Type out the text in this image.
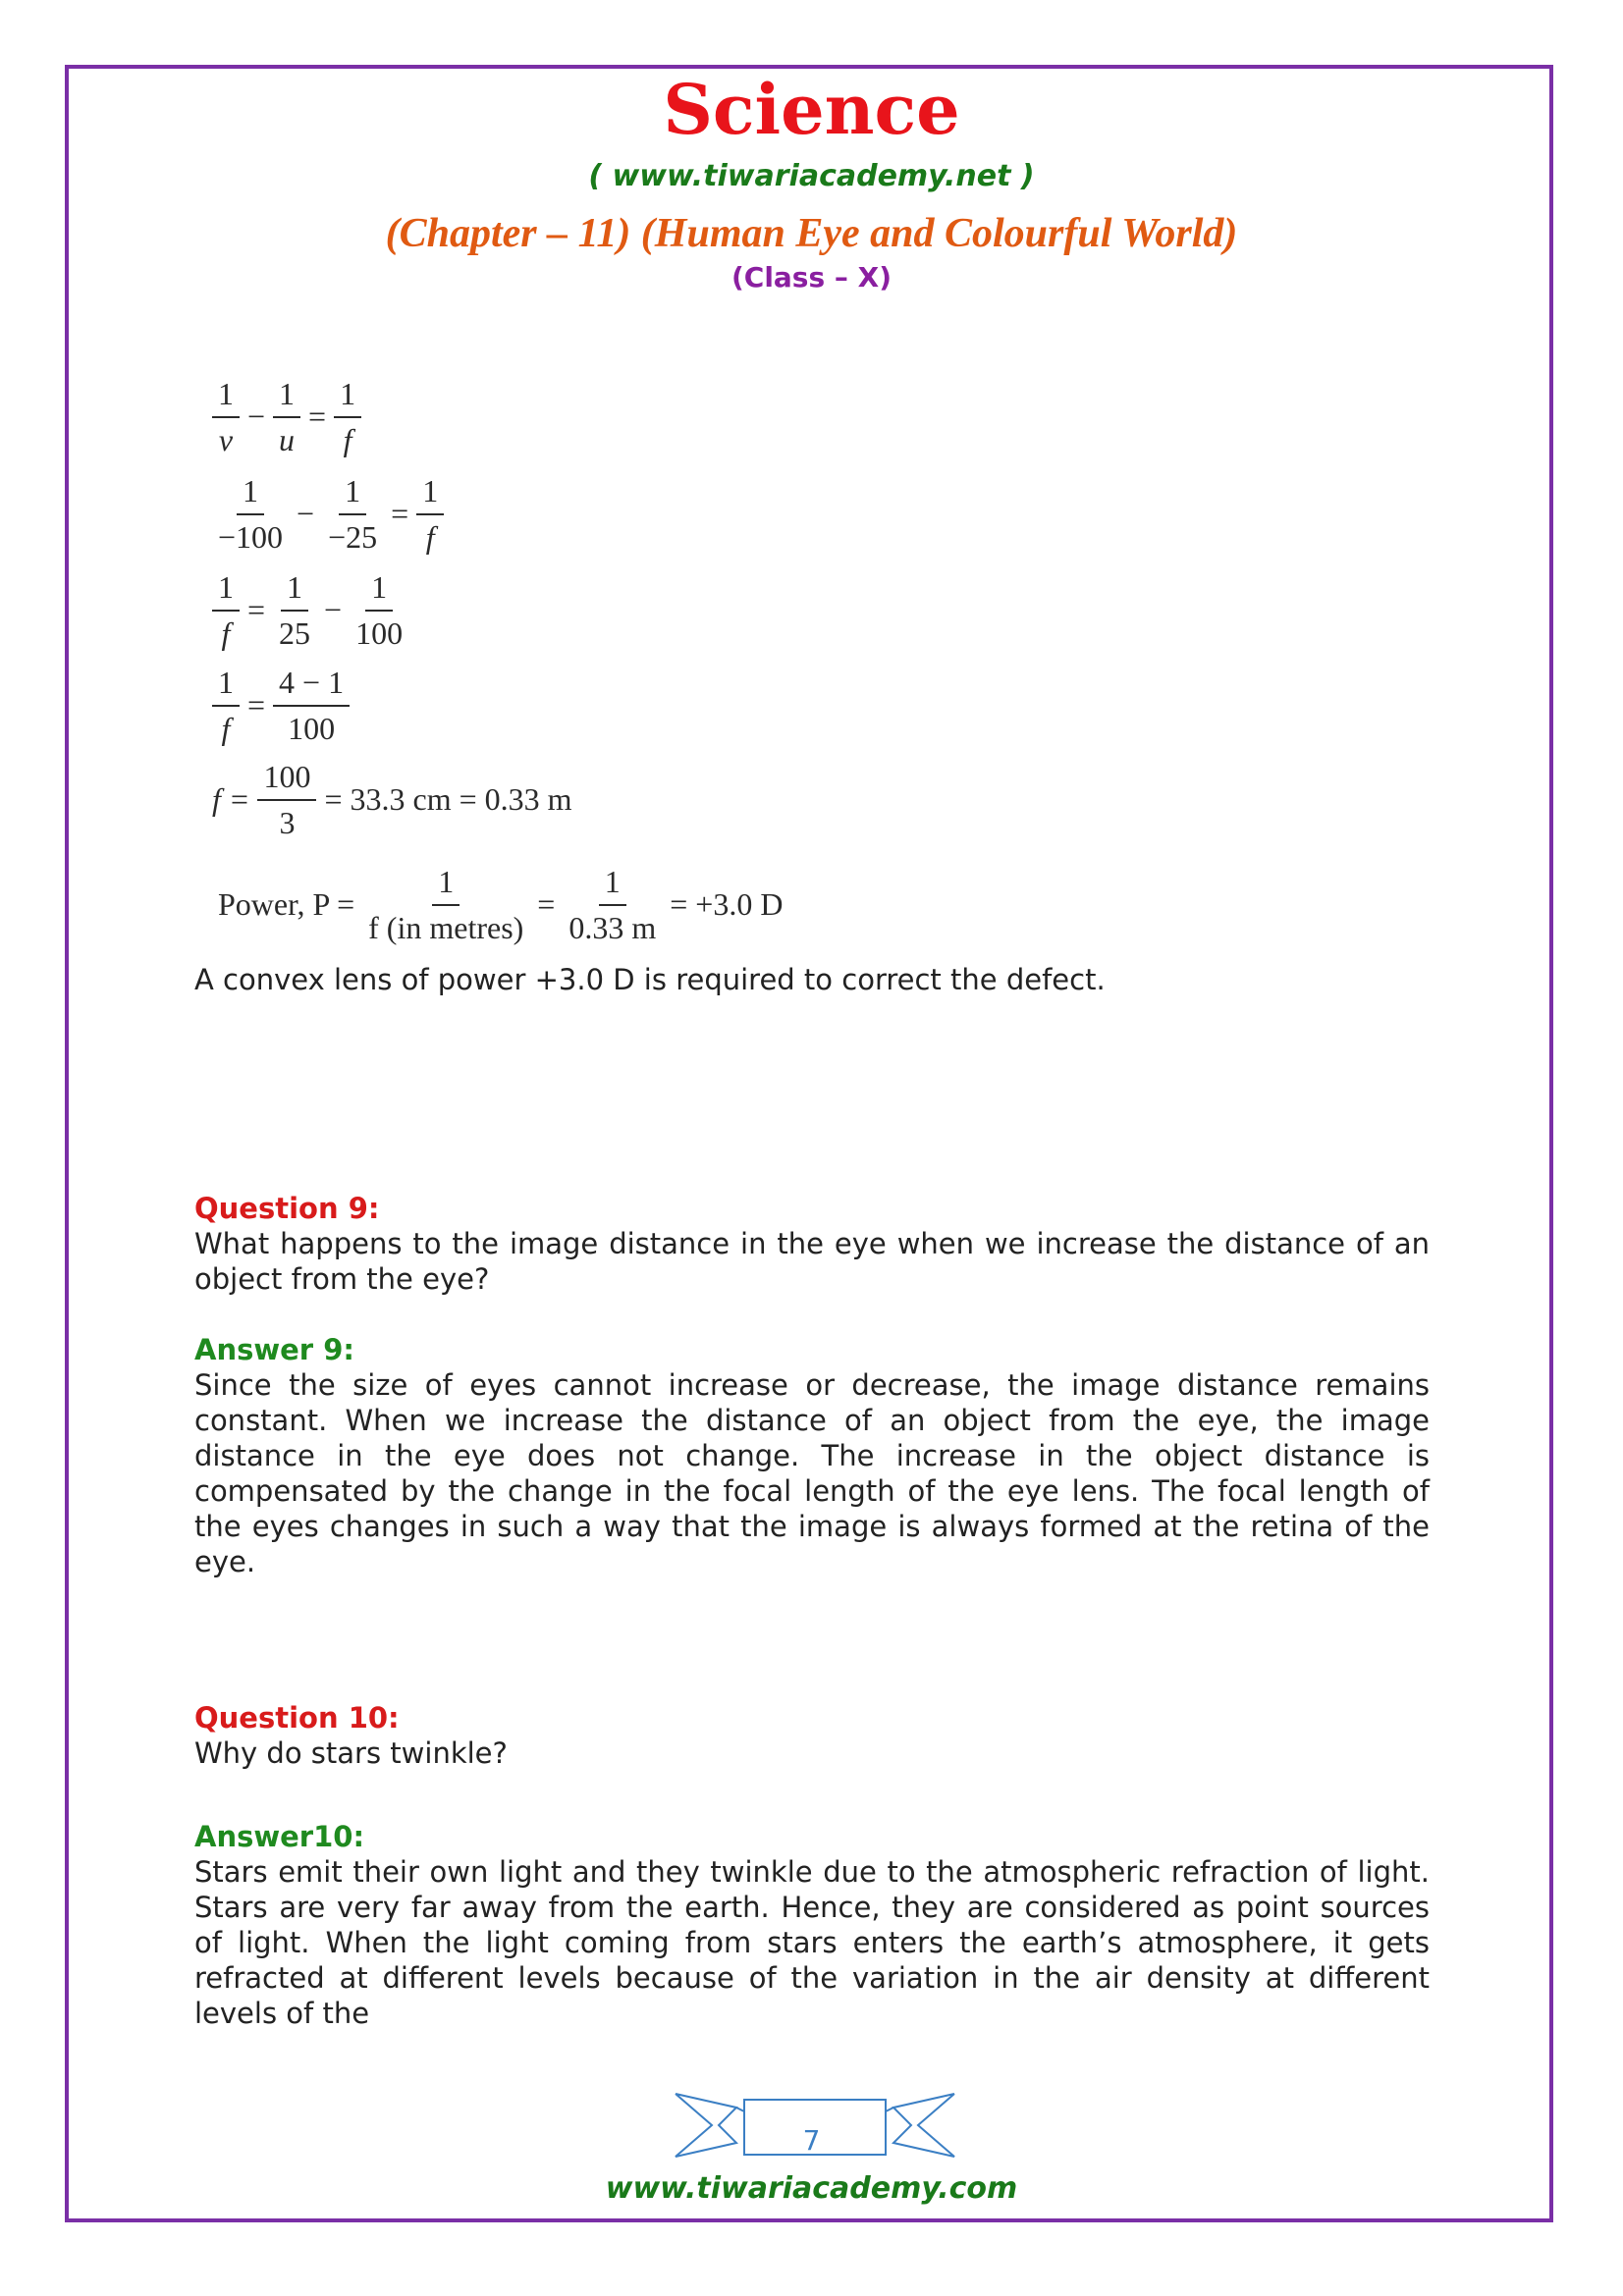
Science
( www.tiwariacademy.net )
(Chapter – 11) (Human Eye and Colourful World)
(Class – X)
$\frac{1}{v} - \frac{1}{u} = \frac{1}{f}$
$\frac{1}{-100} - \frac{1}{-25} = \frac{1}{f}$
$\frac{1}{f} = \frac{1}{25} - \frac{1}{100}$
$\frac{1}{f} = \frac{4 - 1}{100}$
$f = \frac{100}{3} = 33.3$ cm = 0.33 m
Power, $P = \frac{1}{\text{f (in metres)}} = \frac{1}{0.33 m} = +3.0$ D
A convex lens of power +3.0 D is required to correct the defect.
Question 9:
What happens to the image distance in the eye when we increase the distance of an object from the eye?
Answer 9:
Since the size of eyes cannot increase or decrease, the image distance remains constant. When we increase the distance of an object from the eye, the image distance in the eye does not change. The increase in the object distance is compensated by the change in the focal length of the eye lens. The focal length of the eyes changes in such a way that the image is always formed at the retina of the eye.
Question 10:
Why do stars twinkle?
Answer10:
Stars emit their own light and they twinkle due to the atmospheric refraction of light. Stars are very far away from the earth. Hence, they are considered as point sources of light. When the light coming from stars enters the earth’s atmosphere, it gets refracted at different levels because of the variation in the air density at different levels of the
7
www.tiwariacademy.com
